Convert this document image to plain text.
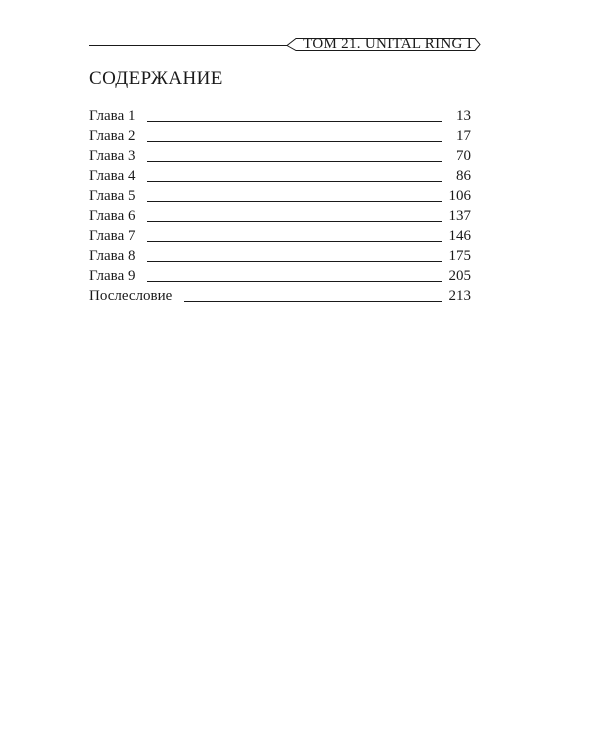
ТОМ 21. UNITAL RING I
СОДЕРЖАНИЕ
Глава 1	13
Глава 2	17
Глава 3	70
Глава 4	86
Глава 5	106
Глава 6	137
Глава 7	146
Глава 8	175
Глава 9	205
Послесловие	213
